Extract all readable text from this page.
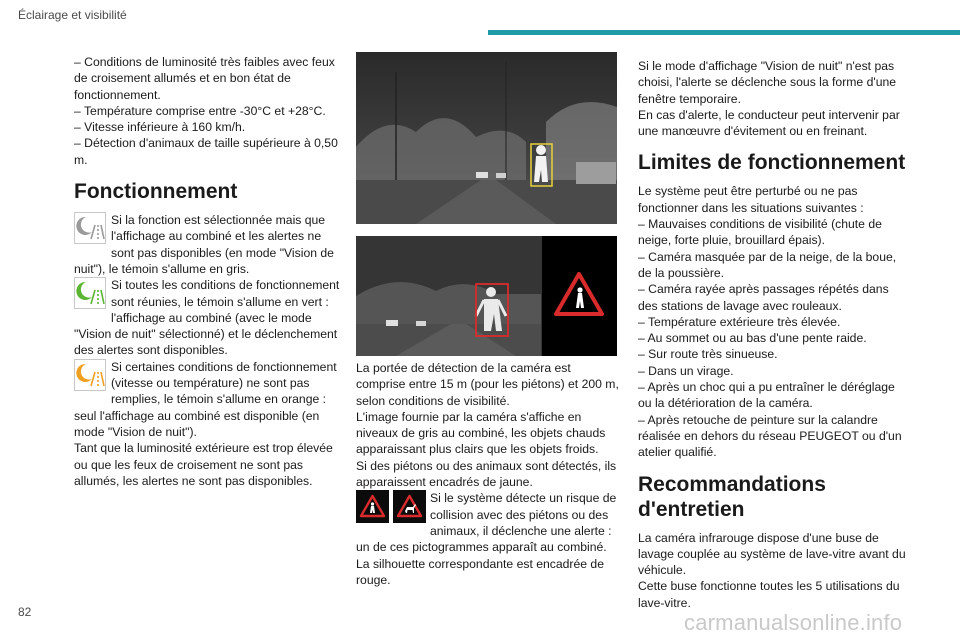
Éclairage et visibilité

– Conditions de luminosité très faibles avec feux de croisement allumés et en bon état de fonctionnement.

– Température comprise entre -30°C et +28°C.

– Vitesse inférieure à 160 km/h.

– Détection d'animaux de taille supérieure à 0,50 m.

Fonctionnement

Si la fonction est sélectionnée mais que l'affichage au combiné et les alertes ne sont pas disponibles (en mode "Vision de nuit"), le témoin s'allume en gris.

Si toutes les conditions de fonctionnement sont réunies, le témoin s'allume en vert : l'affichage au combiné (avec le mode "Vision de nuit" sélectionné) et le déclenchement des alertes sont disponibles.

Si certaines conditions de fonctionnement (vitesse ou température) ne sont pas remplies, le témoin s'allume en orange : seul l'affichage au combiné est disponible (en mode "Vision de nuit").

Tant que la luminosité extérieure est trop élevée ou que les feux de croisement ne sont pas allumés, les alertes ne sont pas disponibles.

La portée de détection de la caméra est comprise entre 15 m (pour les piétons) et 200 m, selon conditions de visibilité.

L'image fournie par la caméra s'affiche en niveaux de gris au combiné, les objets chauds apparaissant plus clairs que les objets froids.

Si des piétons ou des animaux sont détectés, ils apparaissent encadrés de jaune.

Si le système détecte un risque de collision avec des piétons ou des animaux, il déclenche une alerte : un de ces pictogrammes apparaît au combiné. La silhouette correspondante est encadrée de rouge.

Si le mode d'affichage "Vision de nuit" n'est pas choisi, l'alerte se déclenche sous la forme d'une fenêtre temporaire.

En cas d'alerte, le conducteur peut intervenir par une manœuvre d'évitement ou en freinant.

Limites de fonctionnement

Le système peut être perturbé ou ne pas fonctionner dans les situations suivantes :

– Mauvaises conditions de visibilité (chute de neige, forte pluie, brouillard épais).

– Caméra masquée par de la neige, de la boue, de la poussière.

– Caméra rayée après passages répétés dans des stations de lavage avec rouleaux.

– Température extérieure très élevée.

– Au sommet ou au bas d'une pente raide.

– Sur route très sinueuse.

– Dans un virage.

– Après un choc qui a pu entraîner le déréglage ou la détérioration de la caméra.

– Après retouche de peinture sur la calandre réalisée en dehors du réseau PEUGEOT ou d'un atelier qualifié.

Recommandations d'entretien

La caméra infrarouge dispose d'une buse de lavage couplée au système de lave-vitre avant du véhicule.

Cette buse fonctionne toutes les 5 utilisations du lave-vitre.

82	carmanualsonline.info
